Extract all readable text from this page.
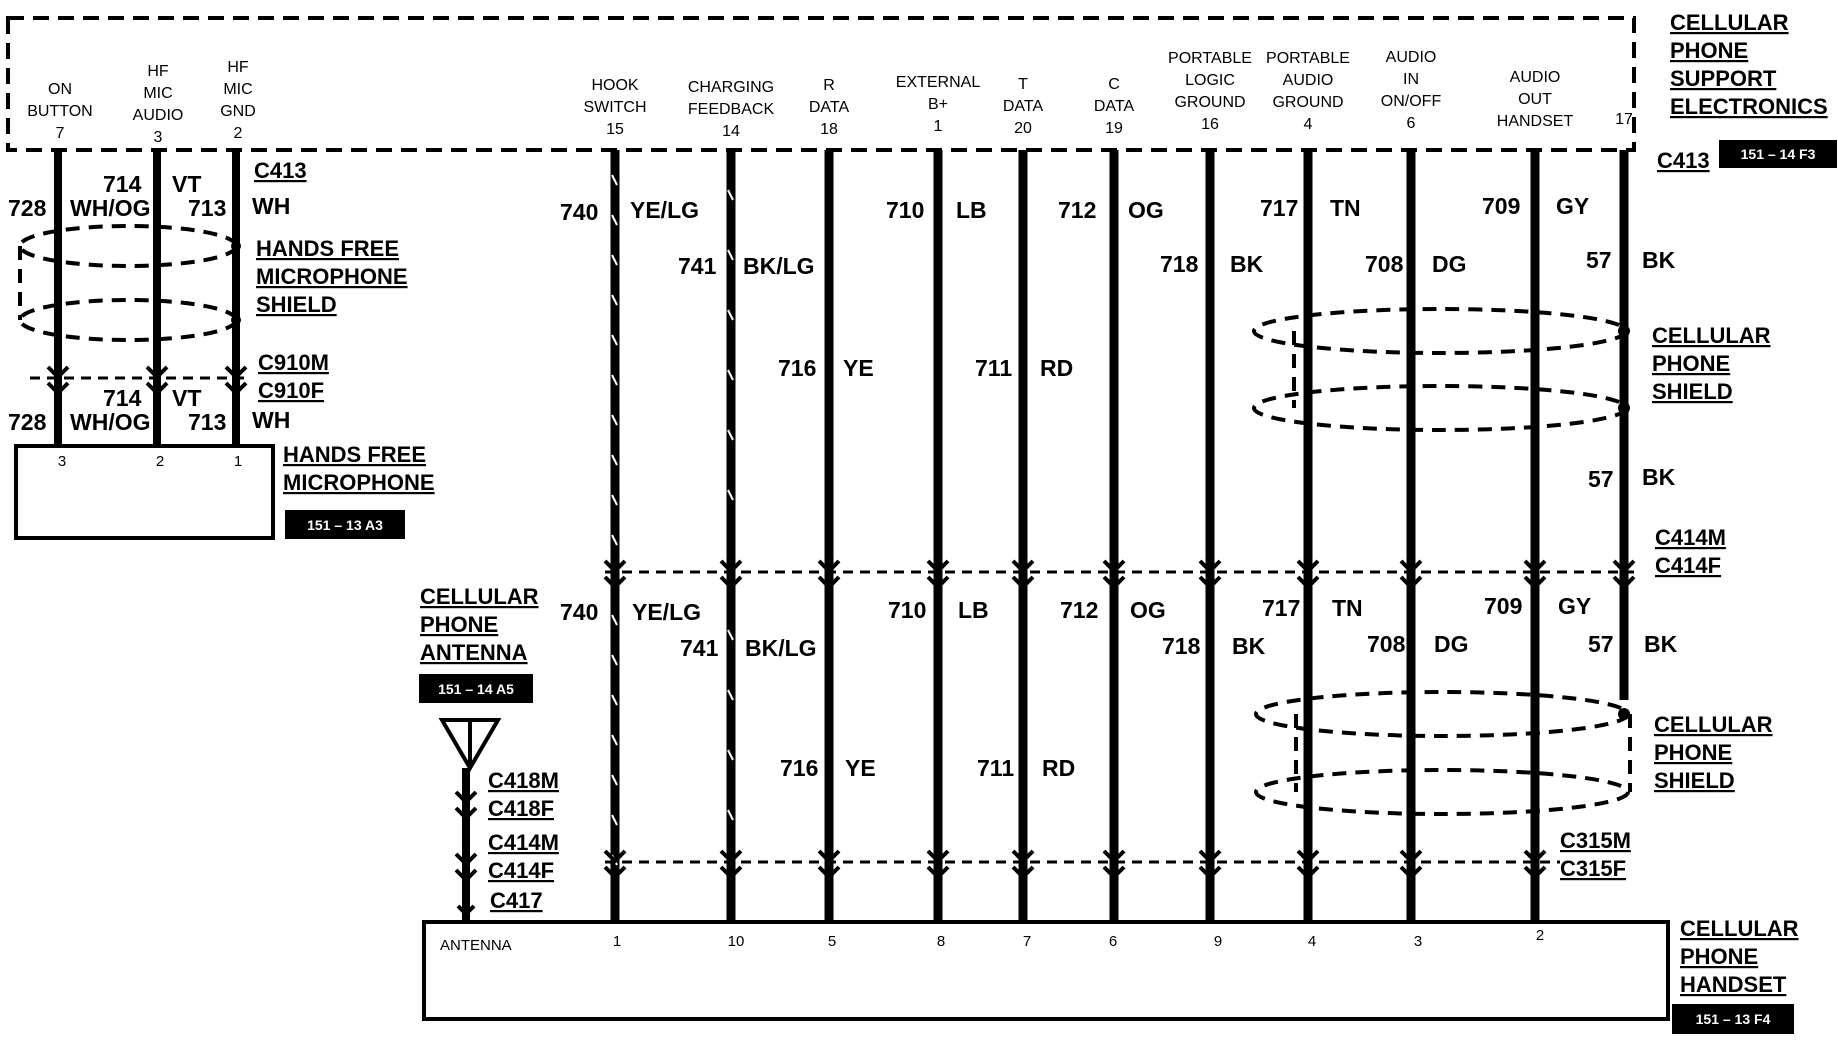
CELLULAR
PHONE
SUPPORT
ELECTRONICS
C413 151 – 14 F3
ON
BUTTON
7
HF
MIC
AUDIO
3
HF
MIC
GND
2
HOOK
SWITCH
15
CHARGING
FEEDBACK
14
R
DATA
18
EXTERNAL
B+
1
T
DATA
20
C
DATA
19
PORTABLE
LOGIC
GROUND
16
PORTABLE
AUDIO
GROUND
4
AUDIO
IN
ON/OFF
6
AUDIO
OUT
HANDSET	17
728
714
WH/OG
VT
713 WH
C413
HANDS FREE
MICROPHONE
SHIELD
C910M
C910F
728
714
WH/OG
VT
713 WH
3	2	1 HANDS FREE
MICROPHONE
151 – 13 A3	C414M
C414F
C315M
C315F
CELLULAR
PHONE
SHIELD
CELLULAR
PHONE
SHIELD
740 YE/LG
741 BK/LG
716 YE
710 LB
711 RD
712 OG
718 BK
717 TN
708 DG
709 GY
57 BK
57 BK
740 YE/LG
741 BK/LG
716 YE
710 LB
711 RD
712 OG
718 BK
717 TN
708 DG
709 GY
57 BK
CELLULAR
PHONE
ANTENNA
151 – 14 A5
C418M
C418F
C414M
C414F
C417
ANTENNA	1	10	5	8	7	6	9	4	3	2	CELLULAR
PHONE
HANDSET
151 – 13 F4
